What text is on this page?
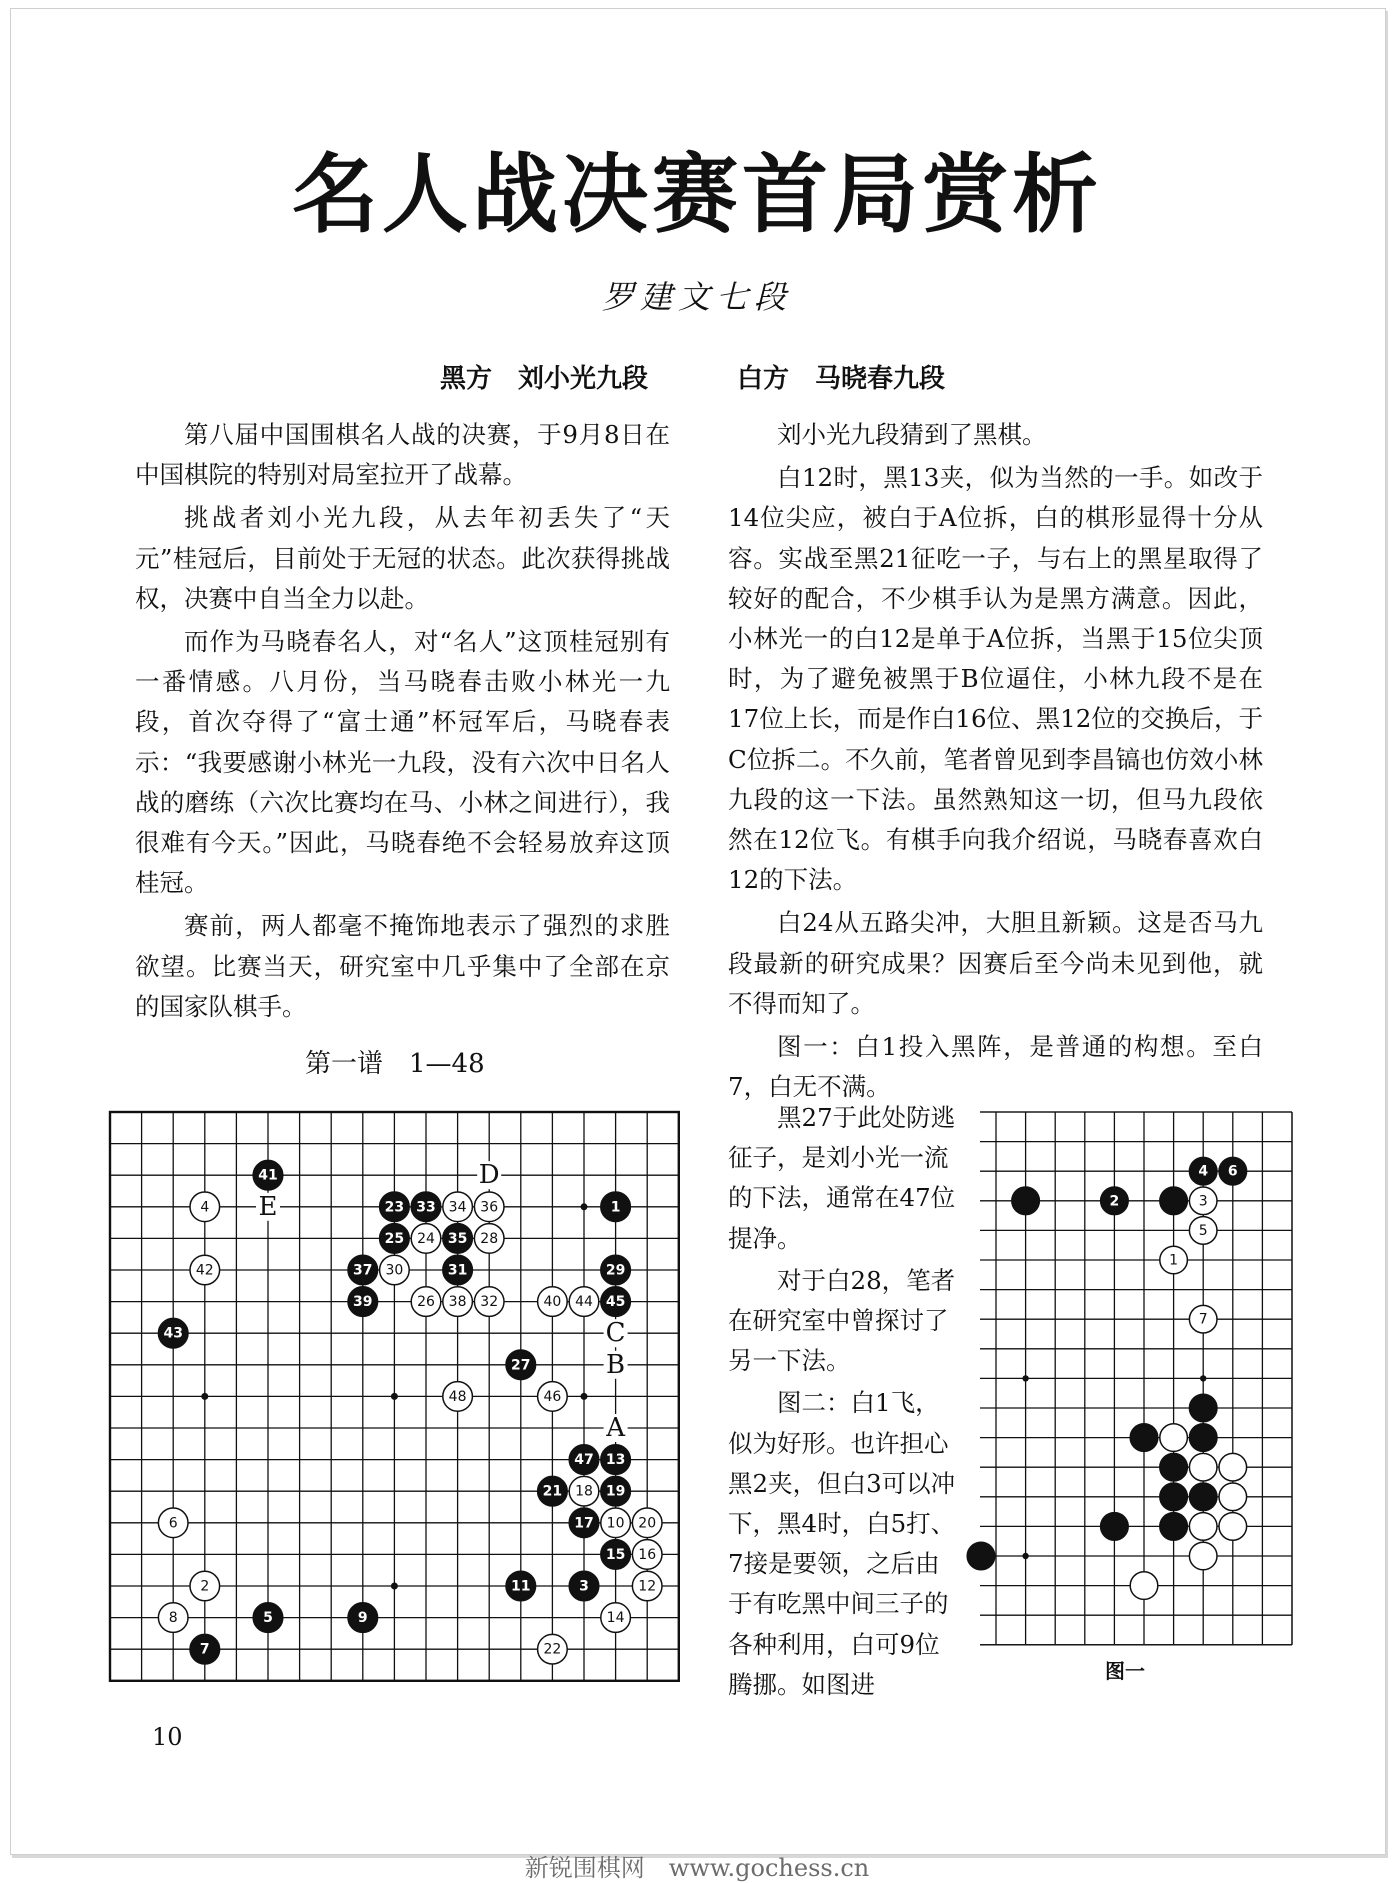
名人战决赛首局赏析
罗建文七段
黑方　刘小光九段	白方　马晓春九段

第八届中国围棋名人战的决赛，于9月8日在中国棋院的特别对局室拉开了战幕。

挑战者刘小光九段，从去年初丢失了“天元”桂冠后，目前处于无冠的状态。此次获得挑战权，决赛中自当全力以赴。

而作为马晓春名人，对“名人”这顶桂冠别有一番情感。八月份，当马晓春击败小林光一九段，首次夺得了“富士通”杯冠军后，马晓春表示：“我要感谢小林光一九段，没有六次中日名人战的磨练（六次比赛均在马、小林之间进行），我很难有今天。”因此，马晓春绝不会轻易放弃这顶桂冠。

赛前，两人都毫不掩饰地表示了强烈的求胜欲望。比赛当天，研究室中几乎集中了全部在京的国家队棋手。

刘小光九段猜到了黑棋。

白12时，黑13夹，似为当然的一手。如改于14位尖应，被白于A位拆，白的棋形显得十分从容。实战至黑21征吃一子，与右上的黑星取得了较好的配合，不少棋手认为是黑方满意。因此，小林光一的白12是单于A位拆，当黑于15位尖顶时，为了避免被黑于B位逼住，小林九段不是在17位上长，而是作白16位、黑12位的交换后，于C位拆二。不久前，笔者曾见到李昌镐也仿效小林九段的这一下法。虽然熟知这一切，但马九段依然在12位飞。有棋手向我介绍说，马晓春喜欢白12的下法。

白24从五路尖冲，大胆且新颖。这是否马九段最新的研究成果？因赛后至今尚未见到他，就不得而知了。

图一：白1投入黑阵，是普通的构想。至白7，白无不满。

黑27于此处防逃征子，是刘小光一流的下法，通常在47位提净。

对于白28，笔者在研究室中曾探讨了另一下法。

图二：白1飞，似为好形。也许担心黑2夹，但白3可以冲下，黑4时，白5打、7接是要领，之后由于有吃黑中间三子的各种利用，白可9位腾挪。如图进

第一谱　1—48
D
E
C
B
A
41
4	23 33 34 36	1
25 24 35 28
42	37 30	31	29
39	26 38 32	40 44 45
43
27
48	46
47 13
21 18 19
6	17 10 20
15 16
2	11	3	12
8	5	9	14
7	22
4 6
2	3
5
1
7
图一
10
新锐围棋网　www.gochess.cn
